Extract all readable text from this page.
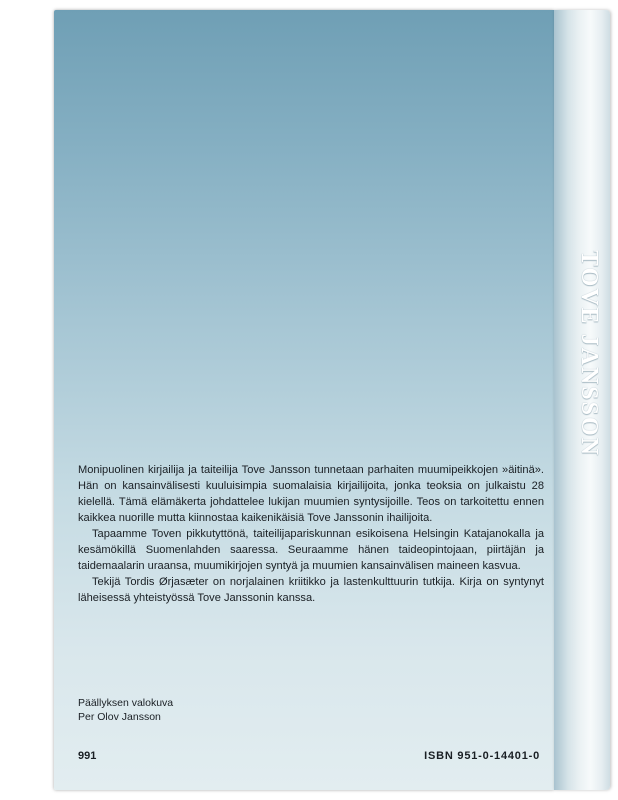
Monipuolinen kirjailija ja taiteilija Tove Jansson tunnetaan parhaiten muumipeikkojen »äitinä». Hän on kansainvälisesti kuuluisimpia suomalaisia kirjailijoita, jonka teoksia on julkaistu 28 kielellä. Tämä elämäkerta johdattelee lukijan muumien syntysijoille. Teos on tarkoitettu ennen kaikkea nuorille mutta kiinnostaa kaikenikäisiä Tove Janssonin ihailijoita.

Tapaamme Toven pikkutyttönä, taiteilijapariskunnan esikoisena Helsingin Katajanokalla ja kesämökillä Suomenlahden saaressa. Seuraamme hänen taideopintojaan, piirtäjän ja taidemaalarin uraansa, muumikirjojen syntyä ja muumien kansainvälisen maineen kasvua.

Tekijä Tordis Ørjasæter on norjalainen kriitikko ja lastenkulttuurin tutkija. Kirja on syntynyt läheisessä yhteistyössä Tove Janssonin kanssa.

Päällyksen valokuva
Per Olov Jansson
991	ISBN 951-0-14401-0
TOVE JANSSON
